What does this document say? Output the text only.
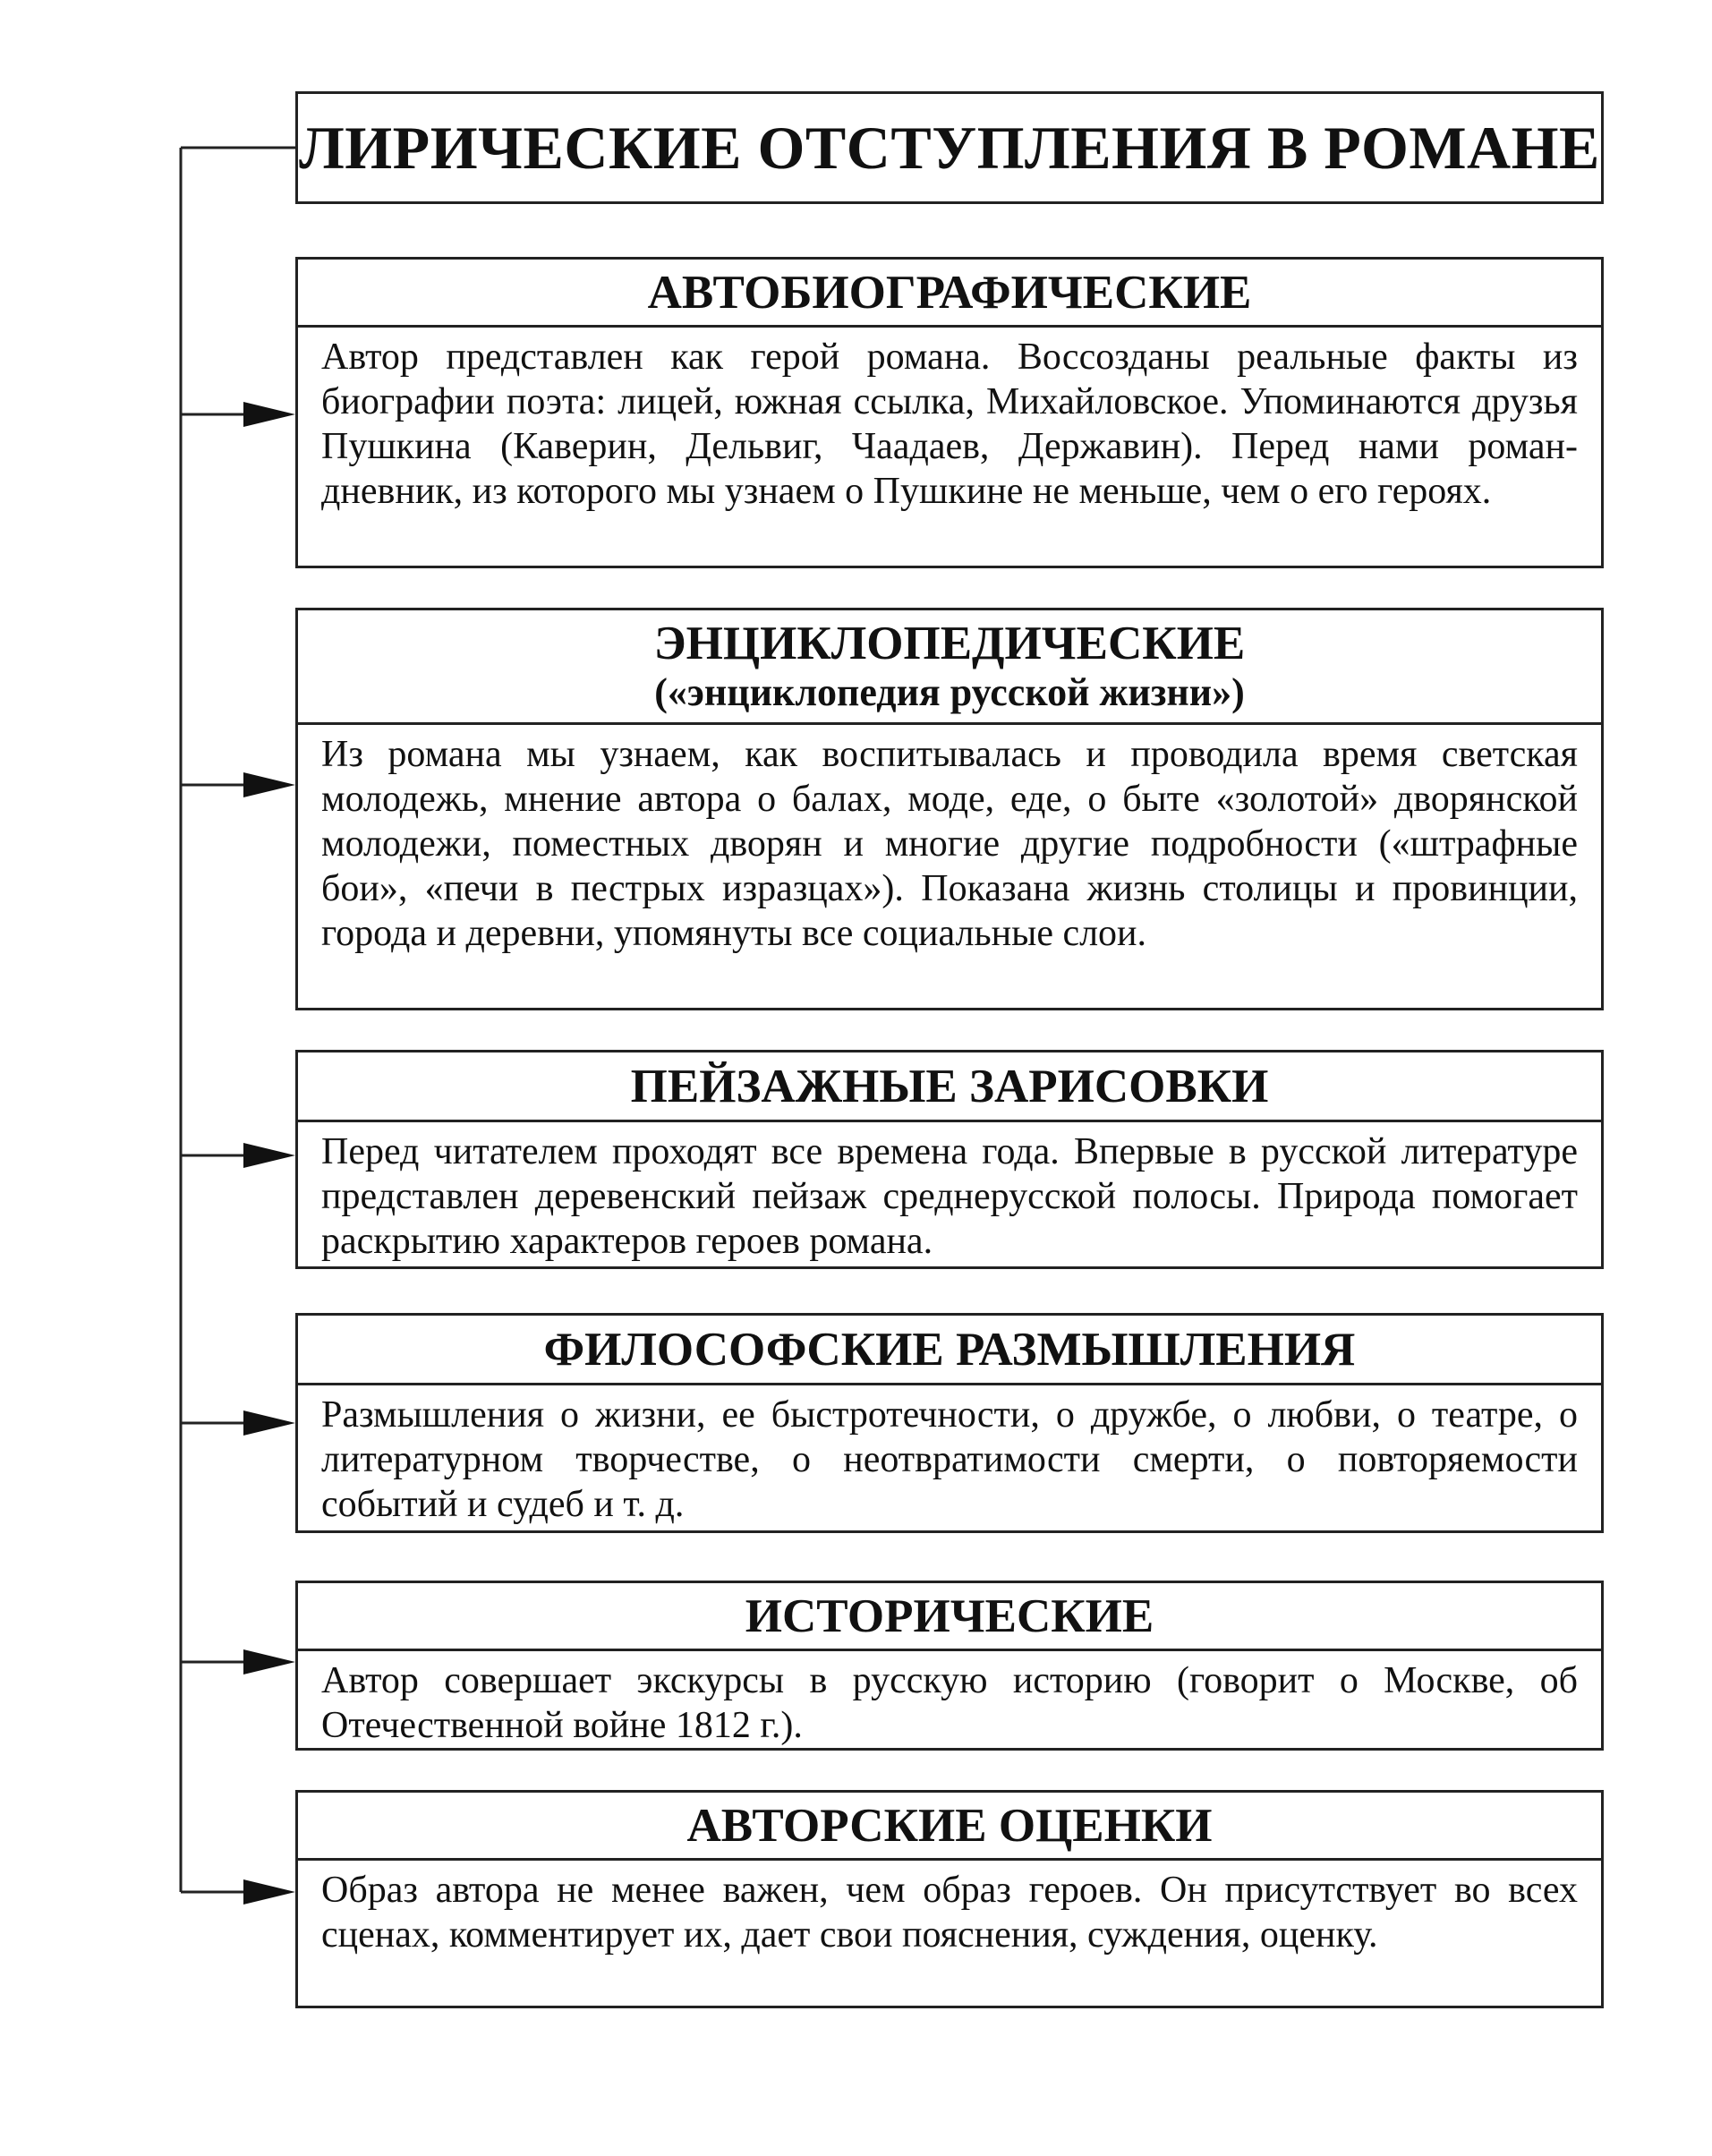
ЛИРИЧЕСКИЕ ОТСТУПЛЕНИЯ В РОМАНЕ
АВТОБИОГРАФИЧЕСКИЕ
Автор представлен как герой романа. Воссозданы реальные факты из биографии поэта: лицей, южная ссылка, Михайловское. Упоминаются друзья Пушкина (Каверин, Дельвиг, Чаадаев, Державин). Перед нами роман-дневник, из которого мы узнаем о Пушкине не меньше, чем о его героях.
ЭНЦИКЛОПЕДИЧЕСКИЕ
(«энциклопедия русской жизни»)
Из романа мы узнаем, как воспитывалась и проводила время светская молодежь, мнение автора о балах, моде, еде, о быте «золотой» дворянской молодежи, поместных дворян и многие другие подробности («штрафные бои», «печи в пестрых изразцах»). Показана жизнь столицы и провинции, города и деревни, упомянуты все социальные слои.
ПЕЙЗАЖНЫЕ ЗАРИСОВКИ
Перед читателем проходят все времена года. Впервые в русской литературе представлен деревенский пейзаж среднерусской полосы. Природа помогает раскрытию характеров героев романа.
ФИЛОСОФСКИЕ РАЗМЫШЛЕНИЯ
Размышления о жизни, ее быстротечности, о дружбе, о любви, о театре, о литературном творчестве, о неотвратимости смерти, о повторяемости событий и судеб и т. д.
ИСТОРИЧЕСКИЕ
Автор совершает экскурсы в русскую историю (говорит о Москве, об Отечественной войне 1812 г.).
АВТОРСКИЕ ОЦЕНКИ
Образ автора не менее важен, чем образ героев. Он присутствует во всех сценах, комментирует их, дает свои пояснения, суждения, оценку.
